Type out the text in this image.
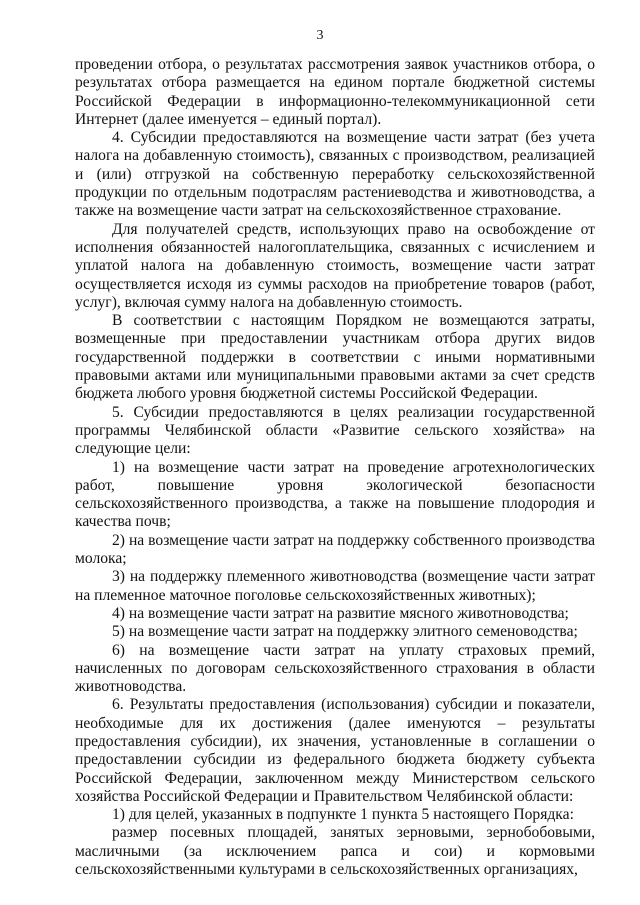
3

проведении отбора, о результатах рассмотрения заявок участников отбора, о результатах отбора размещается на едином портале бюджетной системы Российской Федерации в информационно-телекоммуникационной сети Интернет (далее именуется – единый портал).

4. Субсидии предоставляются на возмещение части затрат (без учета налога на добавленную стоимость), связанных с производством, реализацией и (или) отгрузкой на собственную переработку сельскохозяйственной продукции по отдельным подотраслям растениеводства и животноводства, а также на возмещение части затрат на сельскохозяйственное страхование.

Для получателей средств, использующих право на освобождение от исполнения обязанностей налогоплательщика, связанных с исчислением и уплатой налога на добавленную стоимость, возмещение части затрат осуществляется исходя из суммы расходов на приобретение товаров (работ, услуг), включая сумму налога на добавленную стоимость.

В соответствии с настоящим Порядком не возмещаются затраты, возмещенные при предоставлении участникам отбора других видов государственной поддержки в соответствии с иными нормативными правовыми актами или муниципальными правовыми актами за счет средств бюджета любого уровня бюджетной системы Российской Федерации.

5. Субсидии предоставляются в целях реализации государственной программы Челябинской области «Развитие сельского хозяйства» на следующие цели:

1) на возмещение части затрат на проведение агротехнологических работ, повышение уровня экологической безопасности сельскохозяйственного производства, а также на повышение плодородия и качества почв;

2) на возмещение части затрат на поддержку собственного производства молока;

3) на поддержку племенного животноводства (возмещение части затрат на племенное маточное поголовье сельскохозяйственных животных);

4) на возмещение части затрат на развитие мясного животноводства;

5) на возмещение части затрат на поддержку элитного семеноводства;

6) на возмещение части затрат на уплату страховых премий, начисленных по договорам сельскохозяйственного страхования в области животноводства.

6. Результаты предоставления (использования) субсидии и показатели, необходимые для их достижения (далее именуются – результаты предоставления субсидии), их значения, установленные в соглашении о предоставлении субсидии из федерального бюджета бюджету субъекта Российской Федерации, заключенном между Министерством сельского хозяйства Российской Федерации и Правительством Челябинской области:

1) для целей, указанных в подпункте 1 пункта 5 настоящего Порядка:

размер посевных площадей, занятых зерновыми, зернобобовыми, масличными (за исключением рапса и сои) и кормовыми сельскохозяйственными культурами в сельскохозяйственных организациях,
